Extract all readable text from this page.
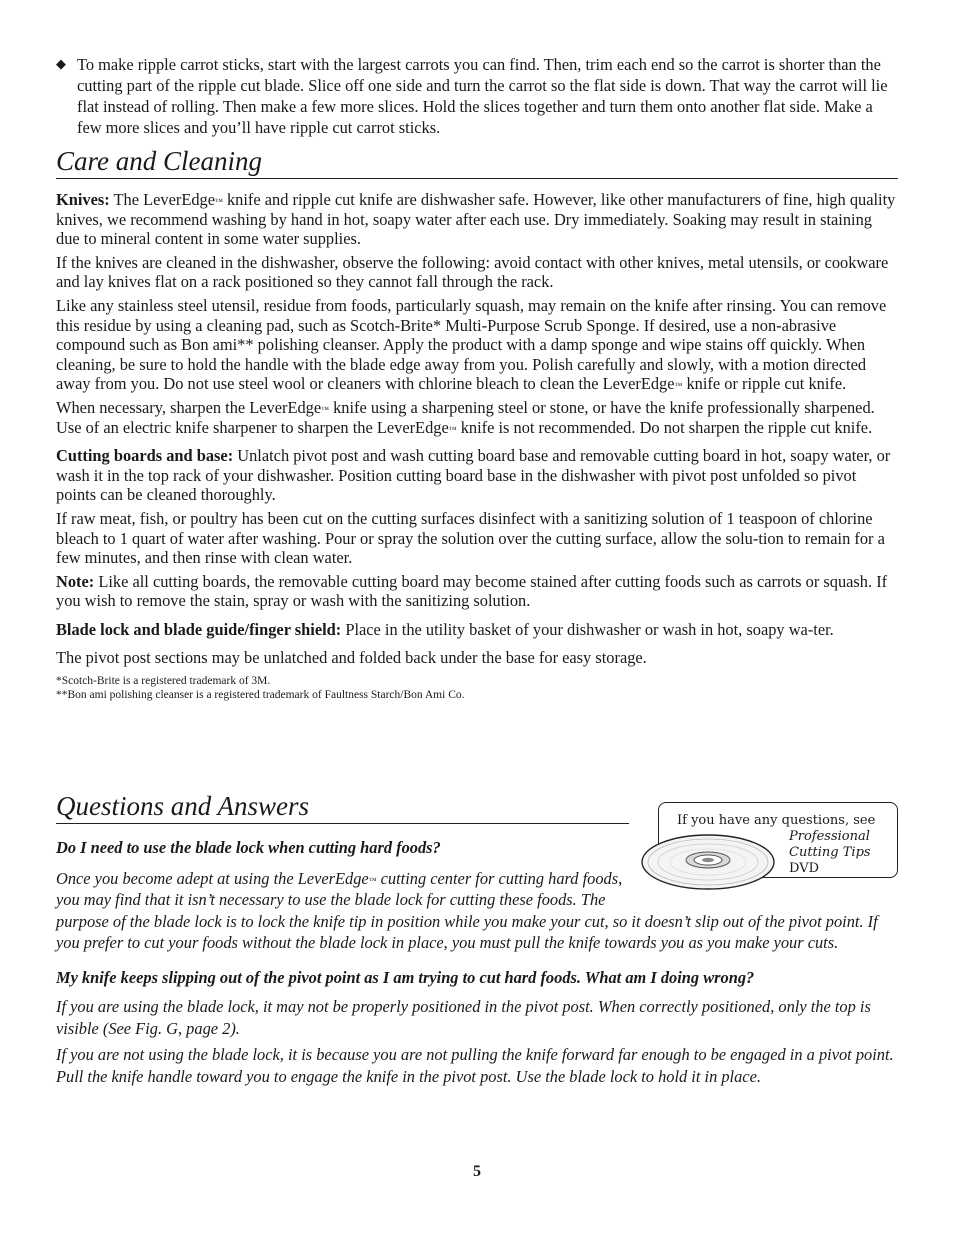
◆ To make ripple carrot sticks, start with the largest carrots you can find. Then, trim each end so the carrot is shorter than the cutting part of the ripple cut blade. Slice off one side and turn the carrot so the flat side is down. That way the carrot will lie flat instead of rolling. Then make a few more slices. Hold the slices together and turn them onto another flat side. Make a few more slices and you’ll have ripple cut carrot sticks.

Care and Cleaning

Knives: The LeverEdge™ knife and ripple cut knife are dishwasher safe. However, like other manufacturers of fine, high quality knives, we recommend washing by hand in hot, soapy water after each use. Dry immediately. Soaking may result in staining due to mineral content in some water supplies.

If the knives are cleaned in the dishwasher, observe the following: avoid contact with other knives, metal utensils, or cookware and lay knives flat on a rack positioned so they cannot fall through the rack.

Like any stainless steel utensil, residue from foods, particularly squash, may remain on the knife after rinsing. You can remove this residue by using a cleaning pad, such as Scotch-Brite* Multi-Purpose Scrub Sponge. If desired, use a non-abrasive compound such as Bon ami** polishing cleanser. Apply the product with a damp sponge and wipe stains off quickly. When cleaning, be sure to hold the handle with the blade edge away from you. Polish carefully and slowly, with a motion directed away from you. Do not use steel wool or cleaners with chlorine bleach to clean the LeverEdge™ knife or ripple cut knife.

When necessary, sharpen the LeverEdge™ knife using a sharpening steel or stone, or have the knife professionally sharpened. Use of an electric knife sharpener to sharpen the LeverEdge™ knife is not recommended. Do not sharpen the ripple cut knife.

Cutting boards and base: Unlatch pivot post and wash cutting board base and removable cutting board in hot, soapy water, or wash it in the top rack of your dishwasher. Position cutting board base in the dishwasher with pivot post unfolded so pivot points can be cleaned thoroughly.

If raw meat, fish, or poultry has been cut on the cutting surfaces disinfect with a sanitizing solution of 1 teaspoon of chlorine bleach to 1 quart of water after washing. Pour or spray the solution over the cutting surface, allow the solu-tion to remain for a few minutes, and then rinse with clean water.

Note: Like all cutting boards, the removable cutting board may become stained after cutting foods such as carrots or squash. If you wish to remove the stain, spray or wash with the sanitizing solution.

Blade lock and blade guide/finger shield: Place in the utility basket of your dishwasher or wash in hot, soapy wa-ter.

The pivot post sections may be unlatched and folded back under the base for easy storage.

*Scotch-Brite is a registered trademark of 3M.
**Bon ami polishing cleanser is a registered trademark of Faultness Starch/Bon Ami Co.
Questions and Answers	If you have any questions, see
Professional
Cutting Tips
DVD

Do I need to use the blade lock when cutting hard foods?

Once you become adept at using the LeverEdge™ cutting center for cutting hard foods, you may find that it isn’t necessary to use the blade lock for cutting these foods. The purpose of the blade lock is to lock the knife tip in position while you make your cut, so it doesn’t slip out of the pivot point. If you prefer to cut your foods without the blade lock in place, you must pull the knife towards you as you make your cuts.

My knife keeps slipping out of the pivot point as I am trying to cut hard foods. What am I doing wrong?

If you are using the blade lock, it may not be properly positioned in the pivot post. When correctly positioned, only the top is visible (See Fig. G, page 2).

If you are not using the blade lock, it is because you are not pulling the knife forward far enough to be engaged in a pivot point. Pull the knife handle toward you to engage the knife in the pivot post. Use the blade lock to hold it in place.

5
